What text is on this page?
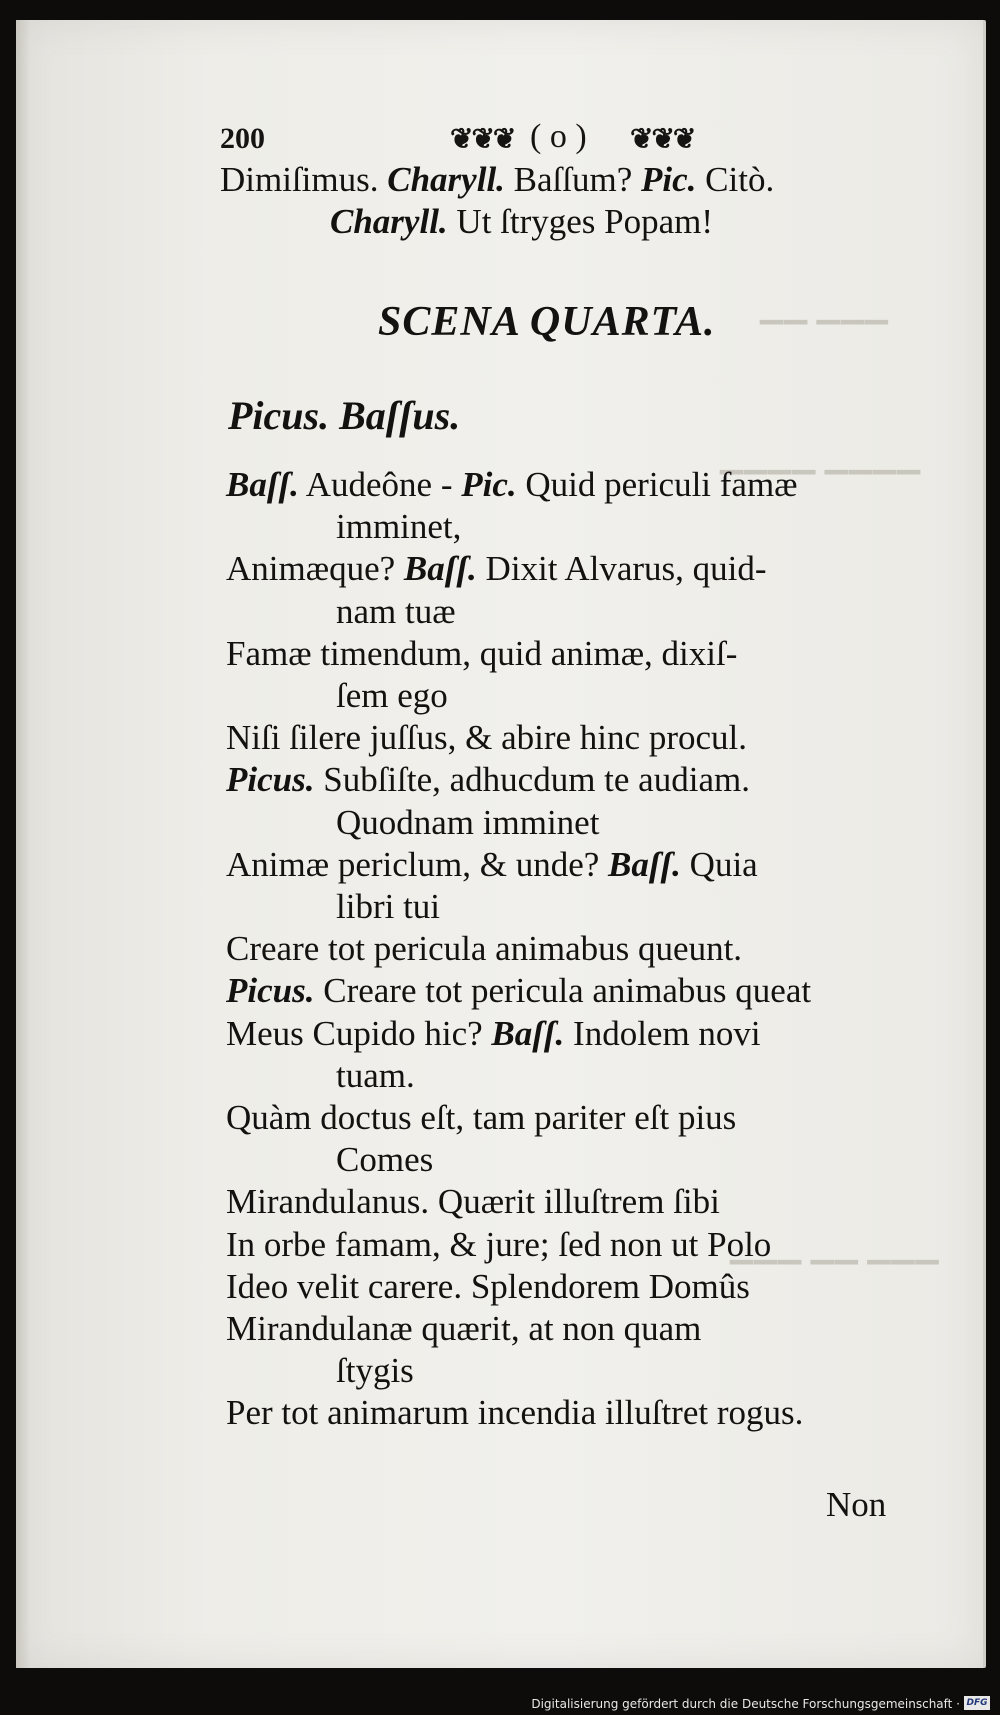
▁▁ ▁▁▁
▁▁▁▁ ▁▁▁▁
▁▁▁ ▁▁ ▁▁▁
200	❦❦❦ ( o ) ❦❦❦
Dimiſimus. Charyll. Baſſum? Pic. Citò.
Charyll. Ut ſtryges Popam!
SCENA QUARTA.
Picus. Baſſus.
Baſſ. Audeône - Pic. Quid periculi famæ
imminet,
Animæque? Baſſ. Dixit Alvarus, quid-
nam tuæ
Famæ timendum, quid animæ, dixiſ-
ſem ego
Niſi ſilere juſſus, & abire hinc procul.
Picus. Subſiſte, adhucdum te audiam.
Quodnam imminet
Animæ periclum, & unde? Baſſ. Quia
libri tui
Creare tot pericula animabus queunt.
Picus. Creare tot pericula animabus queat
Meus Cupido hic? Baſſ. Indolem novi
tuam.
Quàm doctus eſt, tam pariter eſt pius
Comes
Mirandulanus. Quærit illuſtrem ſibi
In orbe famam, & jure; ſed non ut Polo
Ideo velit carere. Splendorem Domûs
Mirandulanæ quærit, at non quam
ſtygis
Per tot animarum incendia illuſtret rogus.
Non
Digitalisierung gefördert durch die Deutsche Forschungsgemeinschaft · DFG
